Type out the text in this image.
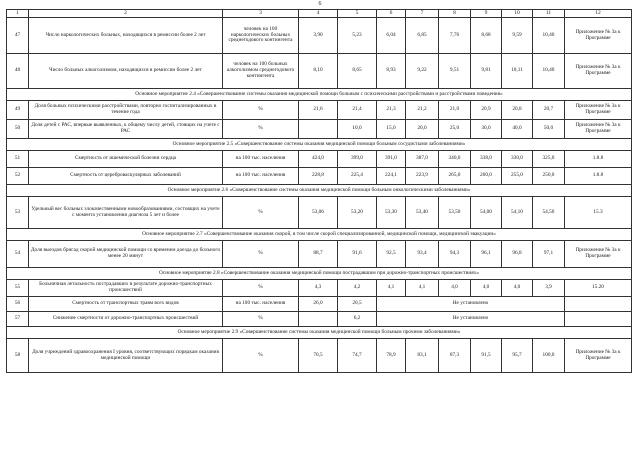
6
1	2	3	4	5	6	7	8	9	10	11	12
47	Число наркологических больных, находящихся в ремиссии более 2 лет	человек на 100 наркологических больных среднегодового контингента	3,90	5,23	6,04	6,85	7,76	8,68	9,59	10,40	Приложение № 3а к Программе
48	Число больных алкоголизмом, находящихся в ремиссии более 2 лет	человек на 100 больных алкоголизмом среднегодового контингента	8,10	8,65	8,93	9,22	9,51	9,81	10,11	10,40	Приложение № 3а к Программе
Основное мероприятие 2.4 «Совершенствование системы оказания медицинской помощи больным с психическими расстройствами и расстройствами поведения»											
49	Доля больных психическими расстройствами, повторно госпитализированных в течение года	%	21,6	21,4	21,3	21,2	21,0	20,9	20,8	20,7	Приложение № 3а к Программе
50	Доля детей с РАС, впервые выявленных, к общему числу детей, стоящих на учете с РАС	%		10,0	15,0	20,0	25,0	30,0	40,0	50,0	Приложение № 3а к Программе
Основное мероприятие 2.5 «Совершенствование системы оказания медицинской помощи больным сосудистыми заболеваниями»											
51	Смертность от ишемической болезни сердца	на 100 тыс. населения	424,0	399,0	391,0	387,0	340,0	338,0	330,0	325,0	1.8.8
52	Смертность от цереброваскулярных заболеваний	на 100 тыс. населения	228,8	225,4	224,1	223,9	265,0	260,0	255,0	250,0	1.8.8
Основное мероприятие 2.6 «Совершенствование системы оказания медицинской помощи больным онкологическими заболеваниями»											
53	Удельный вес больных злокачественными новообразованиями, состоящих на учете с момента установления диагноза 5 лет и более	%	53,06	53,20	53,30	53,40	53,50	54,00	54,10	54,50	15.3
Основное мероприятие 2.7 «Совершенствование оказания скорой, в том числе скорой специализированной, медицинской помощи, медицинской эвакуации»											
54	Доля выездов бригад скорой медицинской помощи со временем доезда до больного менее 20 минут	%	88,7	91,6	92,5	93,4	94,3	96,1	96,8	97,1	Приложение № 3а к Программе
Основное мероприятие 2.8 «Совершенствование оказания медицинской помощи пострадавшим при дорожно-транспортных происшествиях»											
55	Больничная летальность пострадавших в результате дорожно-транспортных происшествий	%	4,3	4,2	4,1	4,1	4,0	4,0	4,0	3,9	15.20
56	Смертность от транспортных травм всех видов	на 100 тыс. населения	26,0	20,5	Не установлено						
57	Снижение смертности от дорожно-транспортных происшествий	%		6,2	Не установлено						
Основное мероприятие 2.9 «Совершенствование системы оказания медицинской помощи больным прочими заболеваниями»											
58	Доля учреждений здравоохранения I уровня, соответствующих порядкам оказания медицинской помощи	%	70,5	74,7	78,9	83,1	87,3	91,5	95,7	100,0	Приложение № 3а к Программе
